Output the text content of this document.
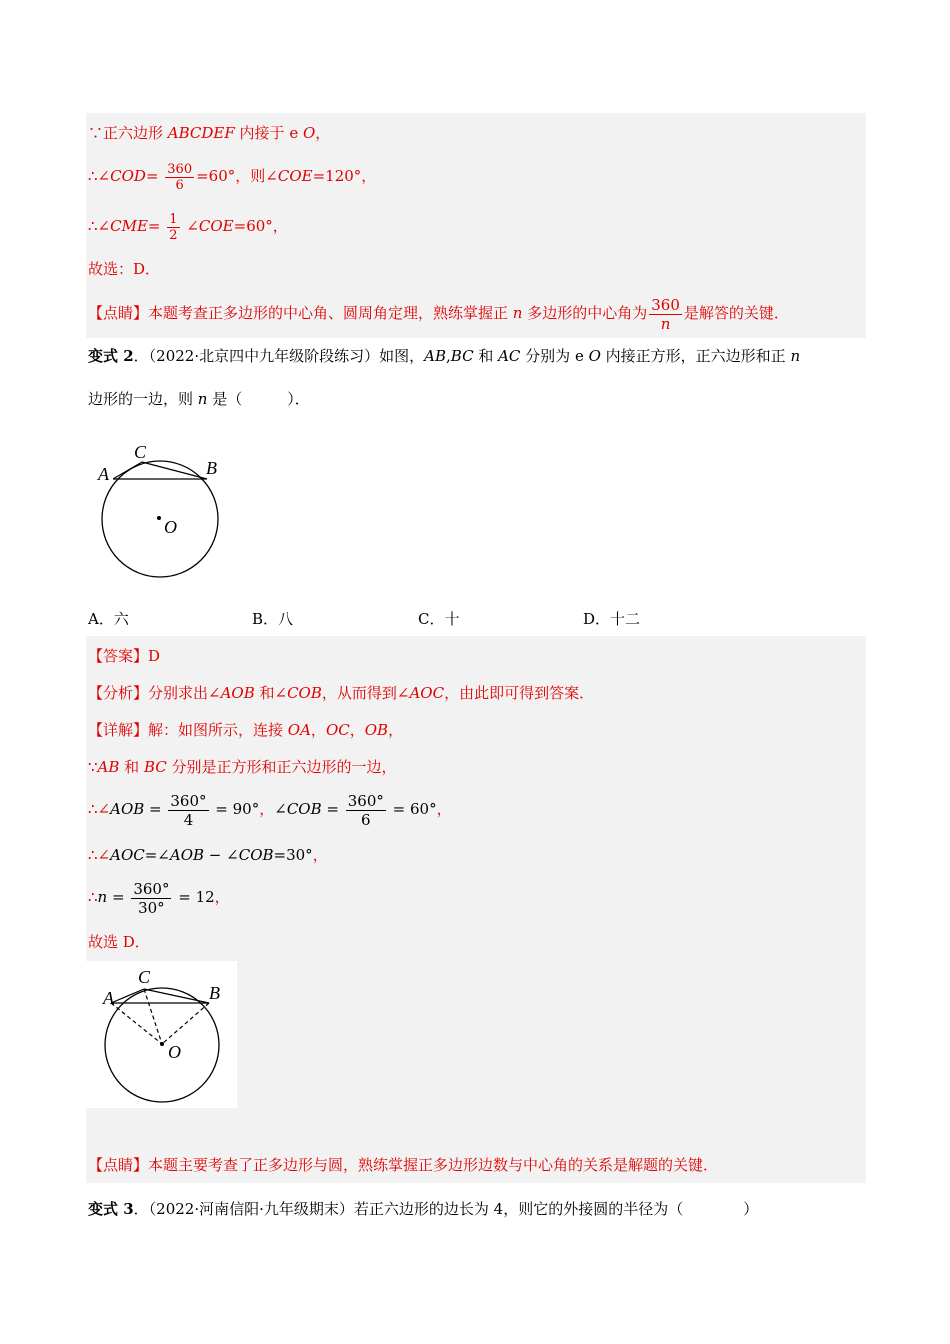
∵正六边形 ABCDEF 内接于 e O，
∴∠COD= $\frac{360}{6} =60^\circ$，则∠COE=120°，
∴∠CME= $\frac{1}{2}$ ∠COE=60°，
故选：D．
【点睛】本题考查正多边形的中心角、圆周角定理，熟练掌握正 n 多边形的中心角为 $\frac{360}{n}$ 是解答的关键．
变式 2．（2022·北京四中九年级阶段练习）如图，AB,BC 和 AC 分别为 e O 内接正方形，正六边形和正 n
边形的一边，则 n 是（　　　）．
A
C
B
O
A．六	B．八	C．十	D．十二
【答案】D
【分析】分别求出∠AOB 和∠COB，从而得到∠AOC，由此即可得到答案．
【详解】解：如图所示，连接 OA，OC，OB，
∵AB 和 BC 分别是正方形和正六边形的一边，
∴∠AOB = $\frac{360^\circ}{4} = 90^\circ$，∠COB = $\frac{360^\circ}{6} = 60^\circ$，
∴∠AOC=∠AOB − ∠COB=30°，
∴n = $\frac{360^\circ}{30^\circ} = 12$，
故选 D．
A
C
B
O
【点睛】本题主要考查了正多边形与圆，熟练掌握正多边形边数与中心角的关系是解题的关键．
变式 3．（2022·河南信阳·九年级期末）若正六边形的边长为 4，则它的外接圆的半径为（　　　　）
